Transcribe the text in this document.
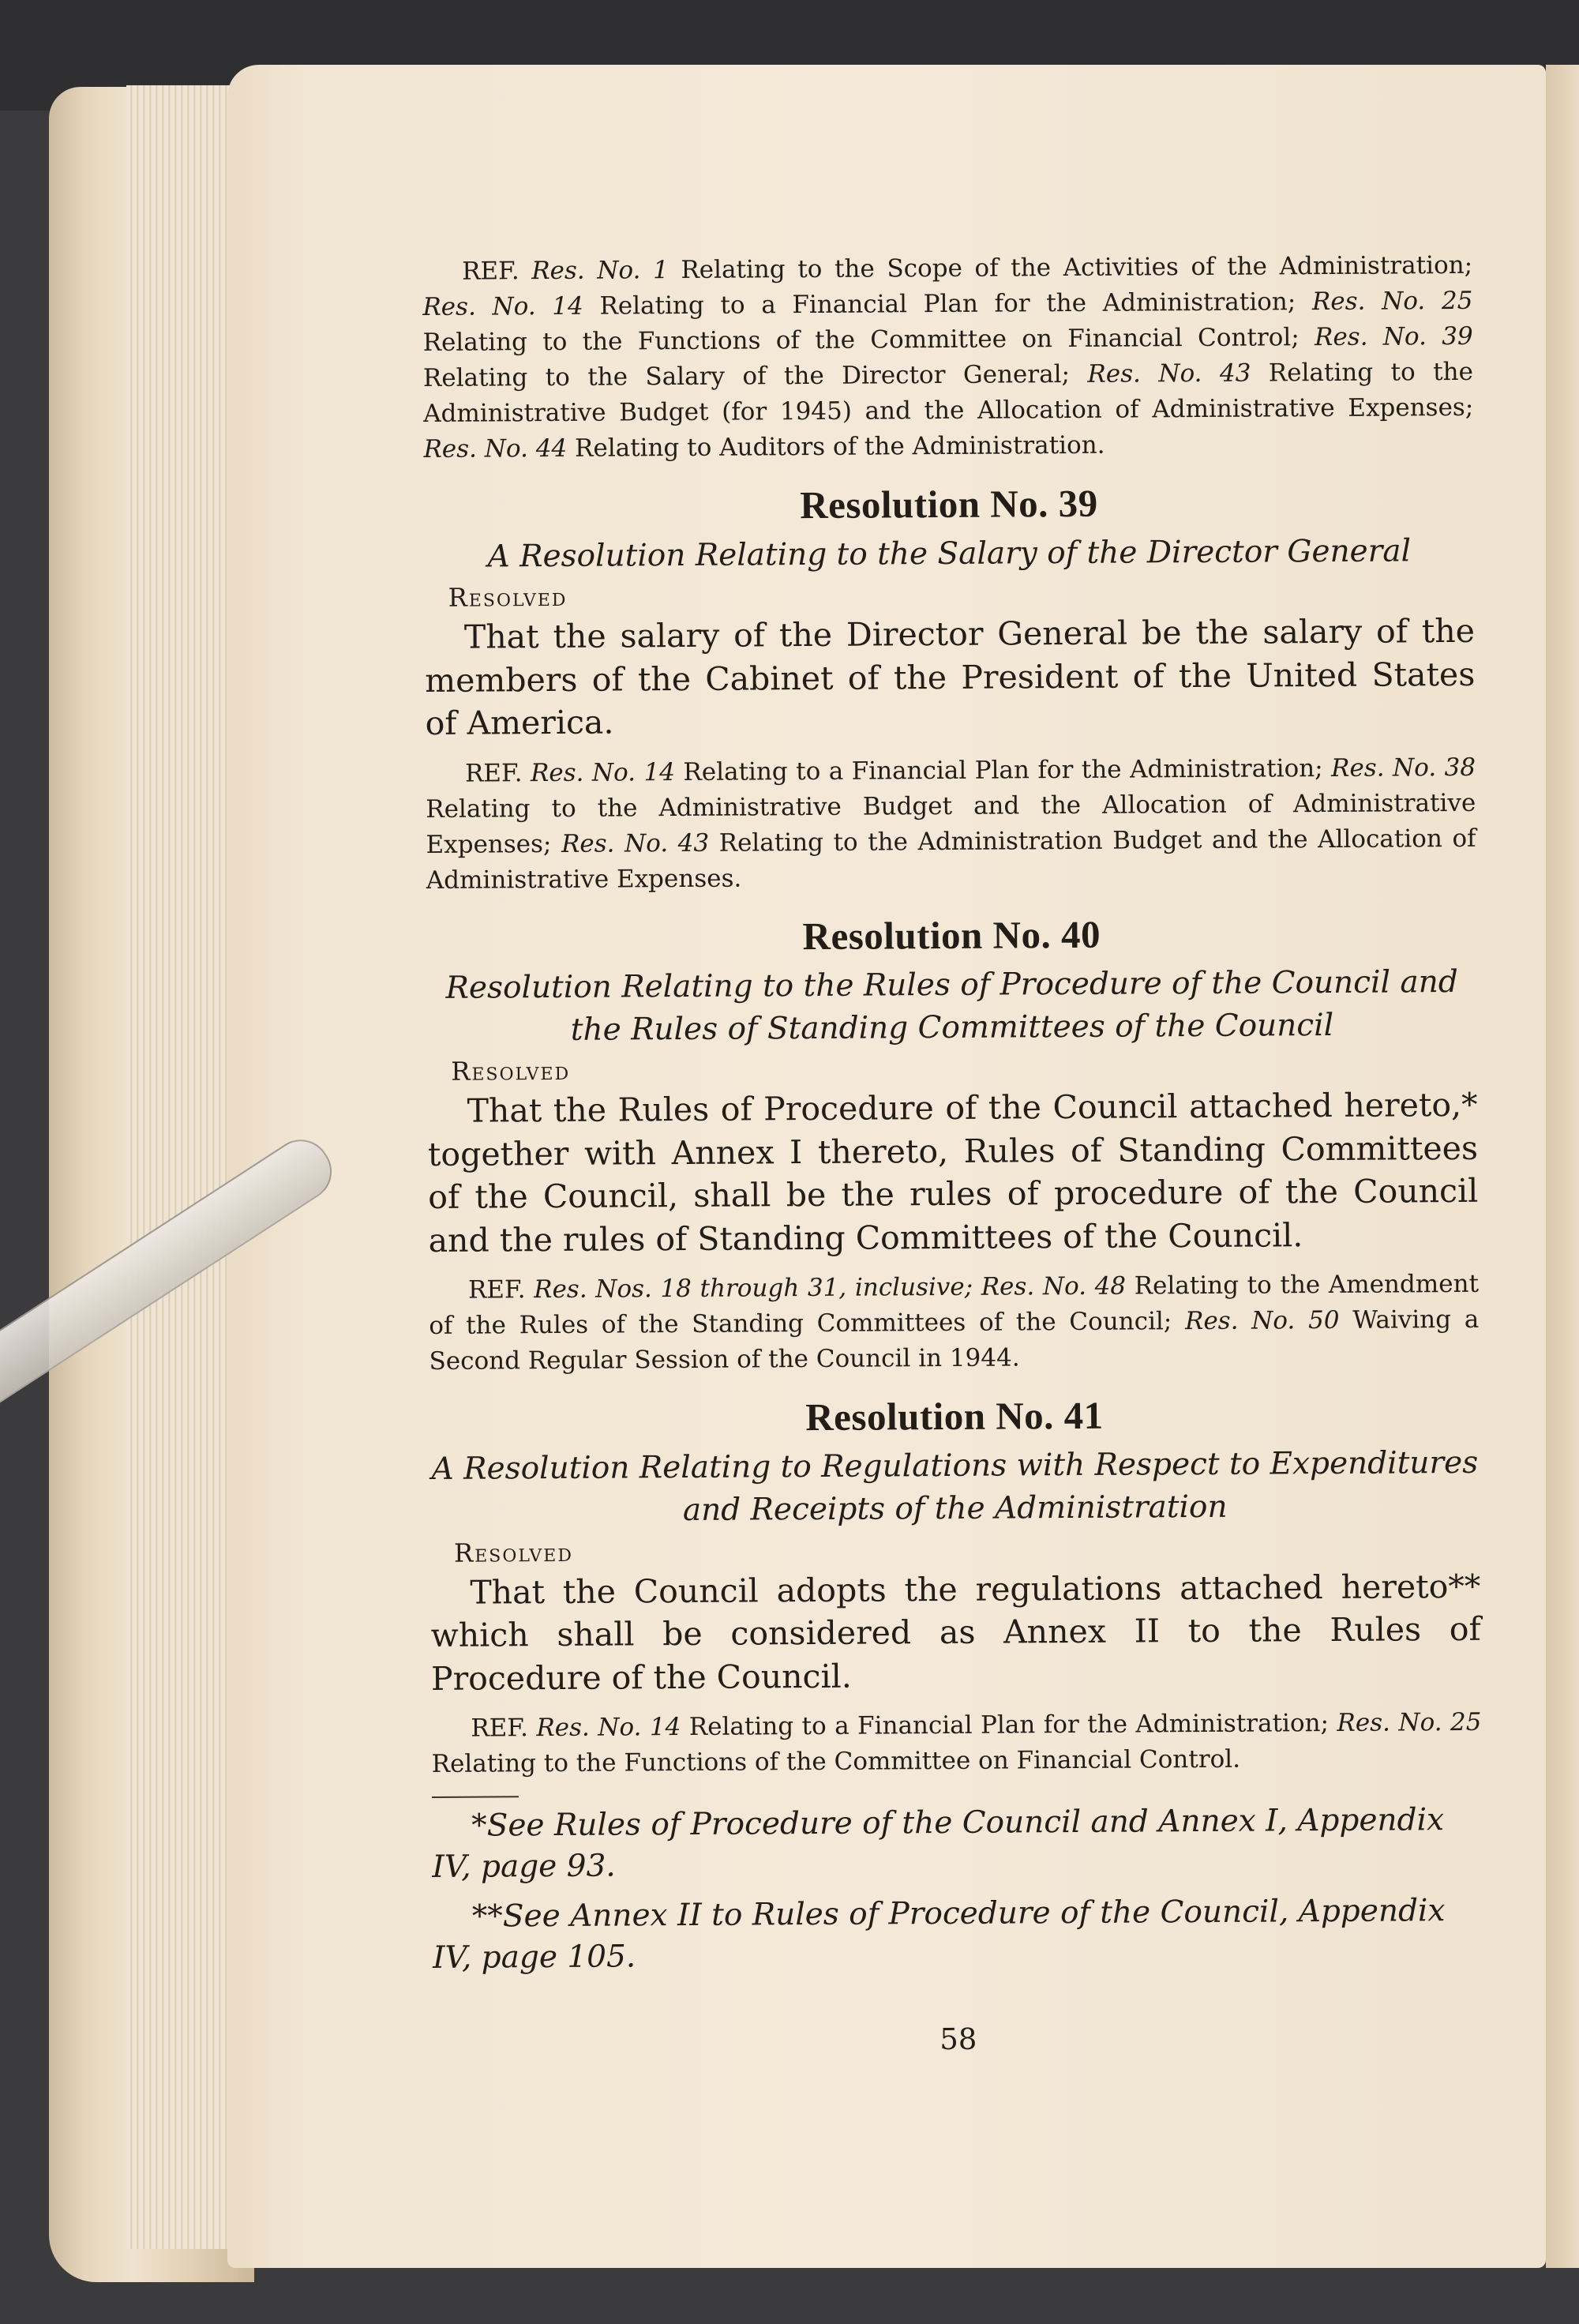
REF. Res. No. 1 Relating to the Scope of the Activities of the Administration; Res. No. 14 Relating to a Financial Plan for the Administration; Res. No. 25 Relating to the Functions of the Committee on Financial Control; Res. No. 39 Relating to the Salary of the Director General; Res. No. 43 Relating to the Administrative Budget (for 1945) and the Allocation of Administrative Expenses; Res. No. 44 Relating to Auditors of the Administration.

Resolution No. 39

A Resolution Relating to the Salary of the Director General

Resolved

That the salary of the Director General be the salary of the members of the Cabinet of the President of the United States of America.

REF. Res. No. 14 Relating to a Financial Plan for the Administration; Res. No. 38 Relating to the Administrative Budget and the Allocation of Administrative Expenses; Res. No. 43 Relating to the Administration Budget and the Allocation of Administrative Expenses.

Resolution No. 40

Resolution Relating to the Rules of Procedure of the Council and the Rules of Standing Committees of the Council

Resolved

That the Rules of Procedure of the Council attached hereto,* together with Annex I thereto, Rules of Standing Committees of the Council, shall be the rules of procedure of the Council and the rules of Standing Committees of the Council.

REF. Res. Nos. 18 through 31, inclusive; Res. No. 48 Relating to the Amendment of the Rules of the Standing Committees of the Council; Res. No. 50 Waiving a Second Regular Session of the Council in 1944.

Resolution No. 41

A Resolution Relating to Regulations with Respect to Expenditures and Receipts of the Administration

Resolved

That the Council adopts the regulations attached hereto** which shall be considered as Annex II to the Rules of Procedure of the Council.

REF. Res. No. 14 Relating to a Financial Plan for the Administration; Res. No. 25 Relating to the Functions of the Committee on Financial Control.

*See Rules of Procedure of the Council and Annex I, Appendix IV, page 93.

**See Annex II to Rules of Procedure of the Council, Appendix IV, page 105.

58
